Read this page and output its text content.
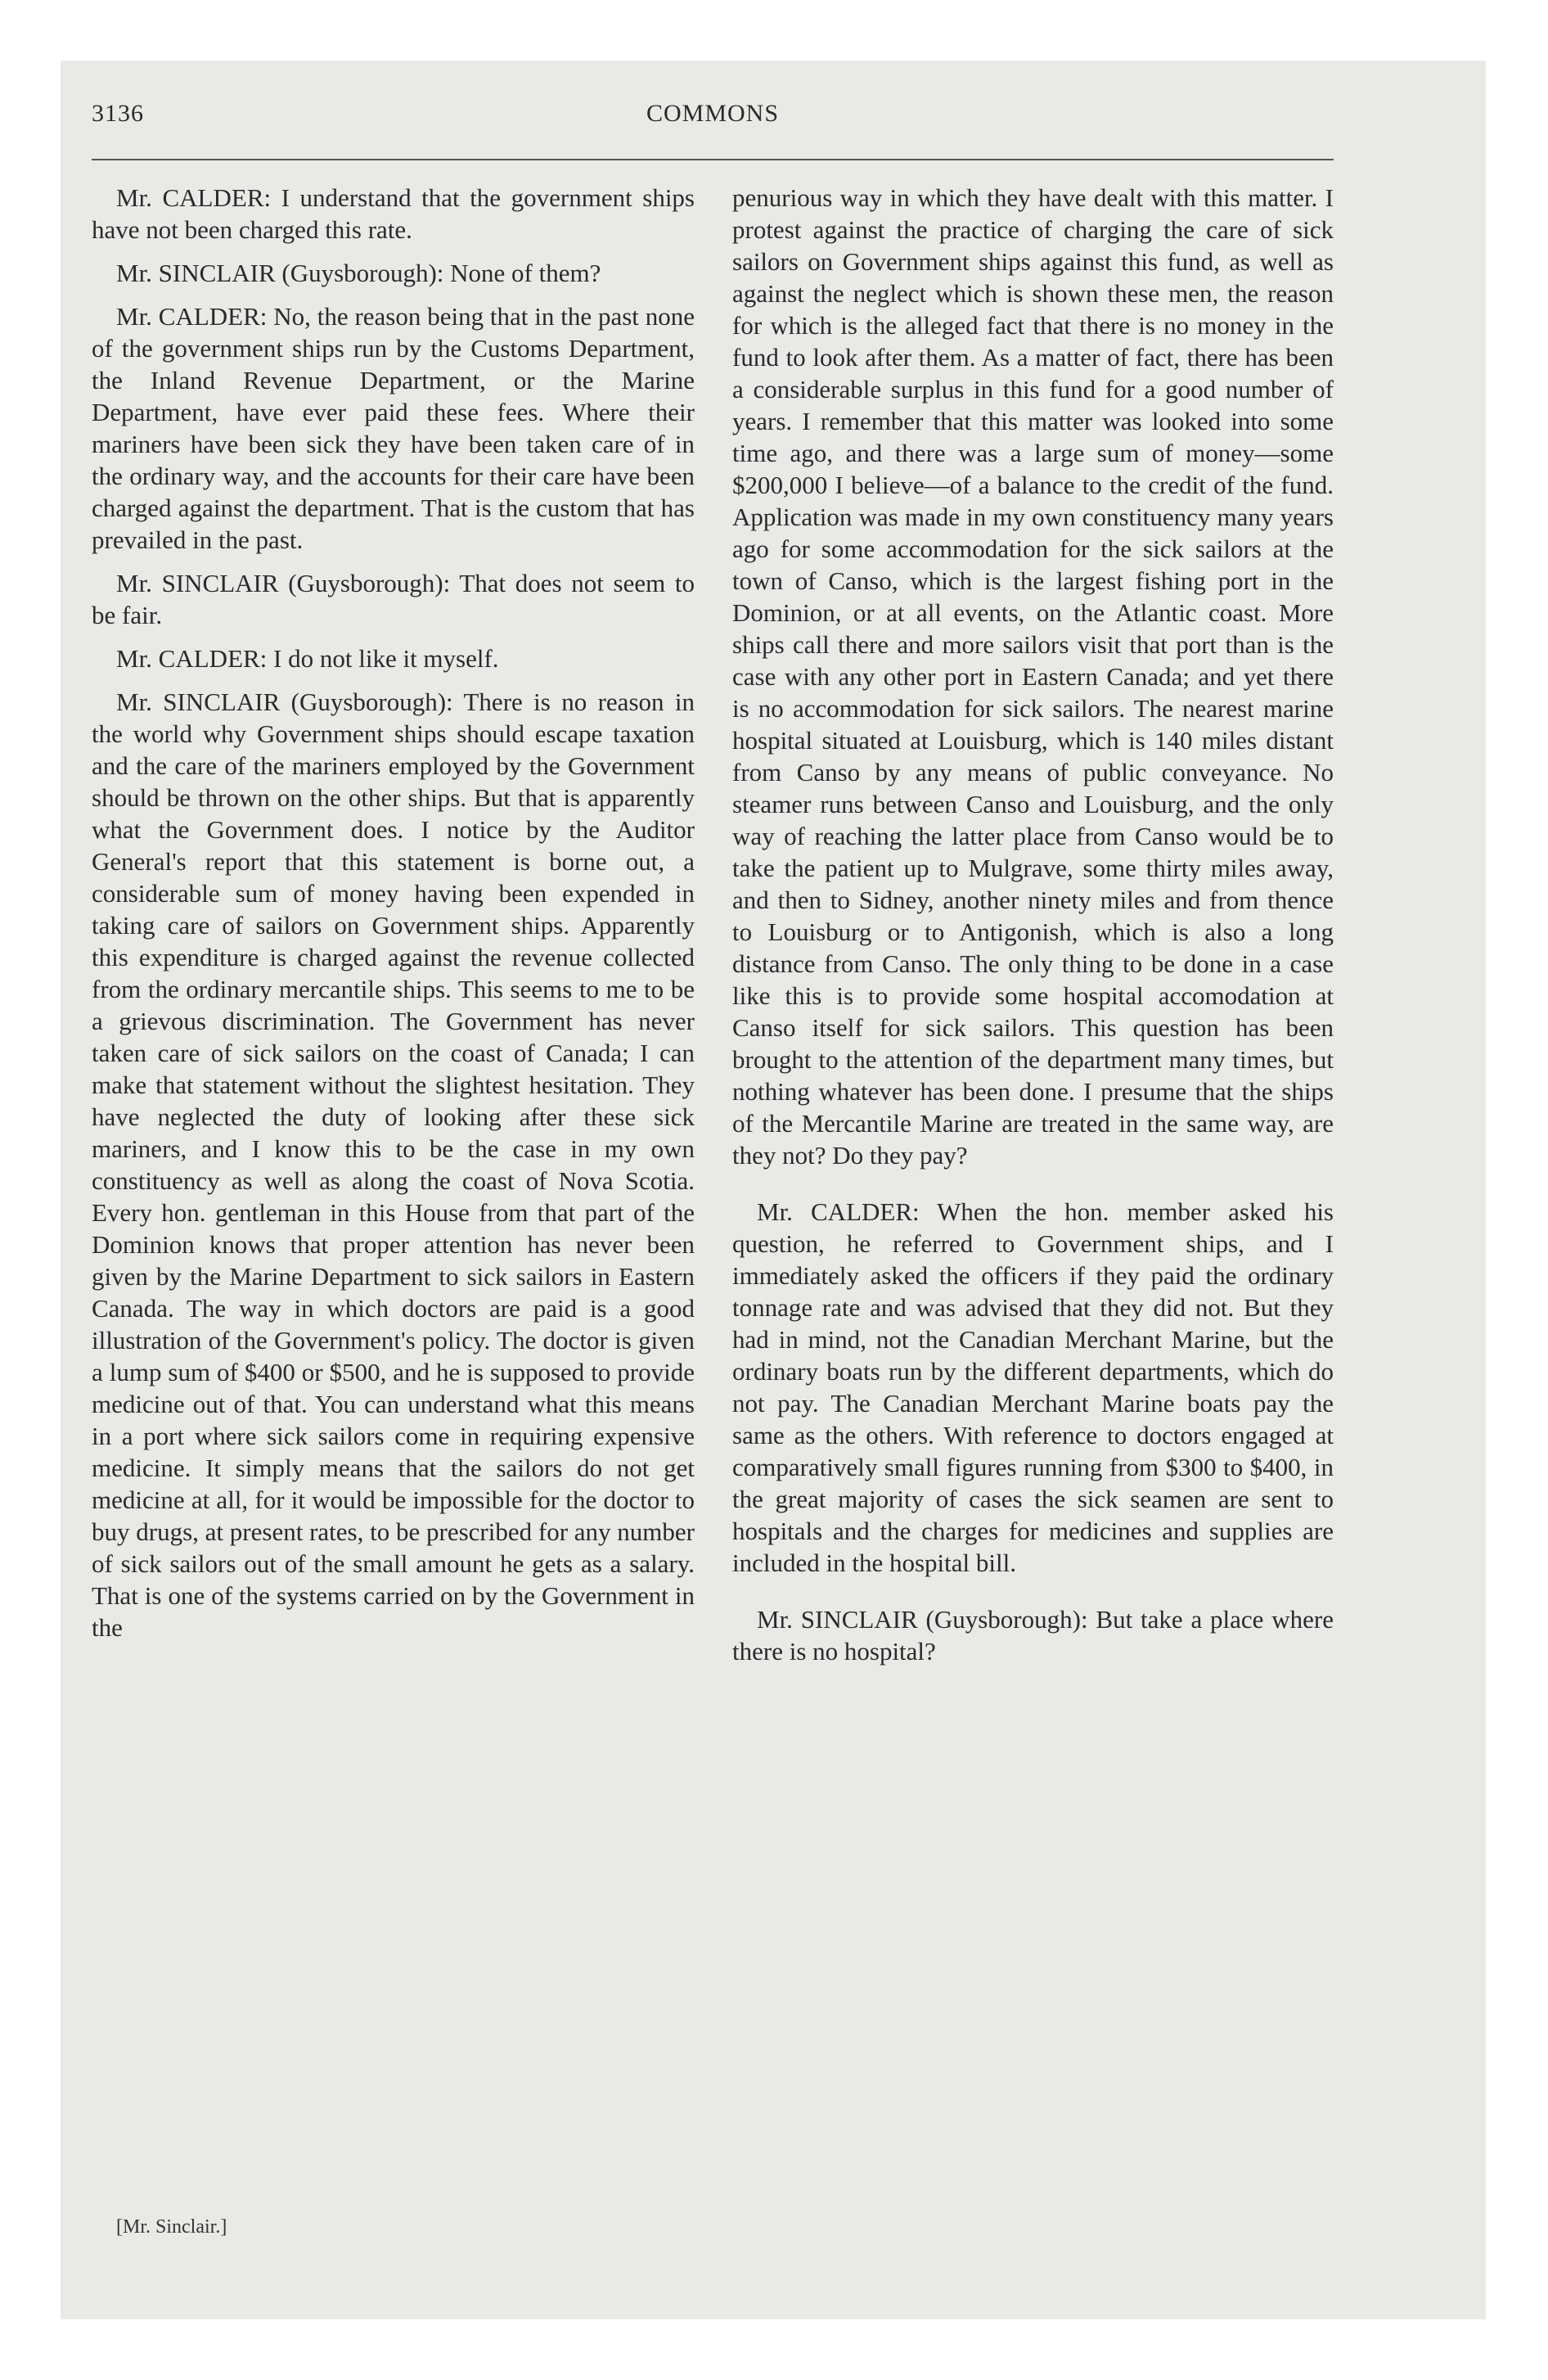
3136	COMMONS

Mr. CALDER: I understand that the government ships have not been charged this rate.

Mr. SINCLAIR (Guysborough): None of them?

Mr. CALDER: No, the reason being that in the past none of the government ships run by the Customs Department, the Inland Revenue Department, or the Marine Department, have ever paid these fees. Where their mariners have been sick they have been taken care of in the ordinary way, and the accounts for their care have been charged against the department. That is the custom that has prevailed in the past.

Mr. SINCLAIR (Guysborough): That does not seem to be fair.

Mr. CALDER: I do not like it myself.

Mr. SINCLAIR (Guysborough): There is no reason in the world why Government ships should escape taxation and the care of the mariners employed by the Government should be thrown on the other ships. But that is apparently what the Government does. I notice by the Auditor General's report that this statement is borne out, a considerable sum of money having been expended in taking care of sailors on Government ships. Apparently this expenditure is charged against the revenue collected from the ordinary mercantile ships. This seems to me to be a grievous discrimination. The Government has never taken care of sick sailors on the coast of Canada; I can make that statement without the slightest hesitation. They have neglected the duty of looking after these sick mariners, and I know this to be the case in my own constituency as well as along the coast of Nova Scotia. Every hon. gentleman in this House from that part of the Dominion knows that proper attention has never been given by the Marine Department to sick sailors in Eastern Canada. The way in which doctors are paid is a good illustration of the Government's policy. The doctor is given a lump sum of $400 or $500, and he is supposed to provide medicine out of that. You can understand what this means in a port where sick sailors come in requiring expensive medicine. It simply means that the sailors do not get medicine at all, for it would be impossible for the doctor to buy drugs, at present rates, to be prescribed for any number of sick sailors out of the small amount he gets as a salary. That is one of the systems carried on by the Government in the

[Mr. Sinclair.]

penurious way in which they have dealt with this matter. I protest against the practice of charging the care of sick sailors on Government ships against this fund, as well as against the neglect which is shown these men, the reason for which is the alleged fact that there is no money in the fund to look after them. As a matter of fact, there has been a considerable surplus in this fund for a good number of years. I remember that this matter was looked into some time ago, and there was a large sum of money—some $200,000 I believe—of a balance to the credit of the fund. Application was made in my own constituency many years ago for some accommodation for the sick sailors at the town of Canso, which is the largest fishing port in the Dominion, or at all events, on the Atlantic coast. More ships call there and more sailors visit that port than is the case with any other port in Eastern Canada; and yet there is no accommodation for sick sailors. The nearest marine hospital situated at Louisburg, which is 140 miles distant from Canso by any means of public conveyance. No steamer runs between Canso and Louisburg, and the only way of reaching the latter place from Canso would be to take the patient up to Mulgrave, some thirty miles away, and then to Sidney, another ninety miles and from thence to Louisburg or to Antigonish, which is also a long distance from Canso. The only thing to be done in a case like this is to provide some hospital accomodation at Canso itself for sick sailors. This question has been brought to the attention of the department many times, but nothing whatever has been done. I presume that the ships of the Mercantile Marine are treated in the same way, are they not? Do they pay?

Mr. CALDER: When the hon. member asked his question, he referred to Government ships, and I immediately asked the officers if they paid the ordinary tonnage rate and was advised that they did not. But they had in mind, not the Canadian Merchant Marine, but the ordinary boats run by the different departments, which do not pay. The Canadian Merchant Marine boats pay the same as the others. With reference to doctors engaged at comparatively small figures running from $300 to $400, in the great majority of cases the sick seamen are sent to hospitals and the charges for medicines and supplies are included in the hospital bill.

Mr. SINCLAIR (Guysborough): But take a place where there is no hospital?
